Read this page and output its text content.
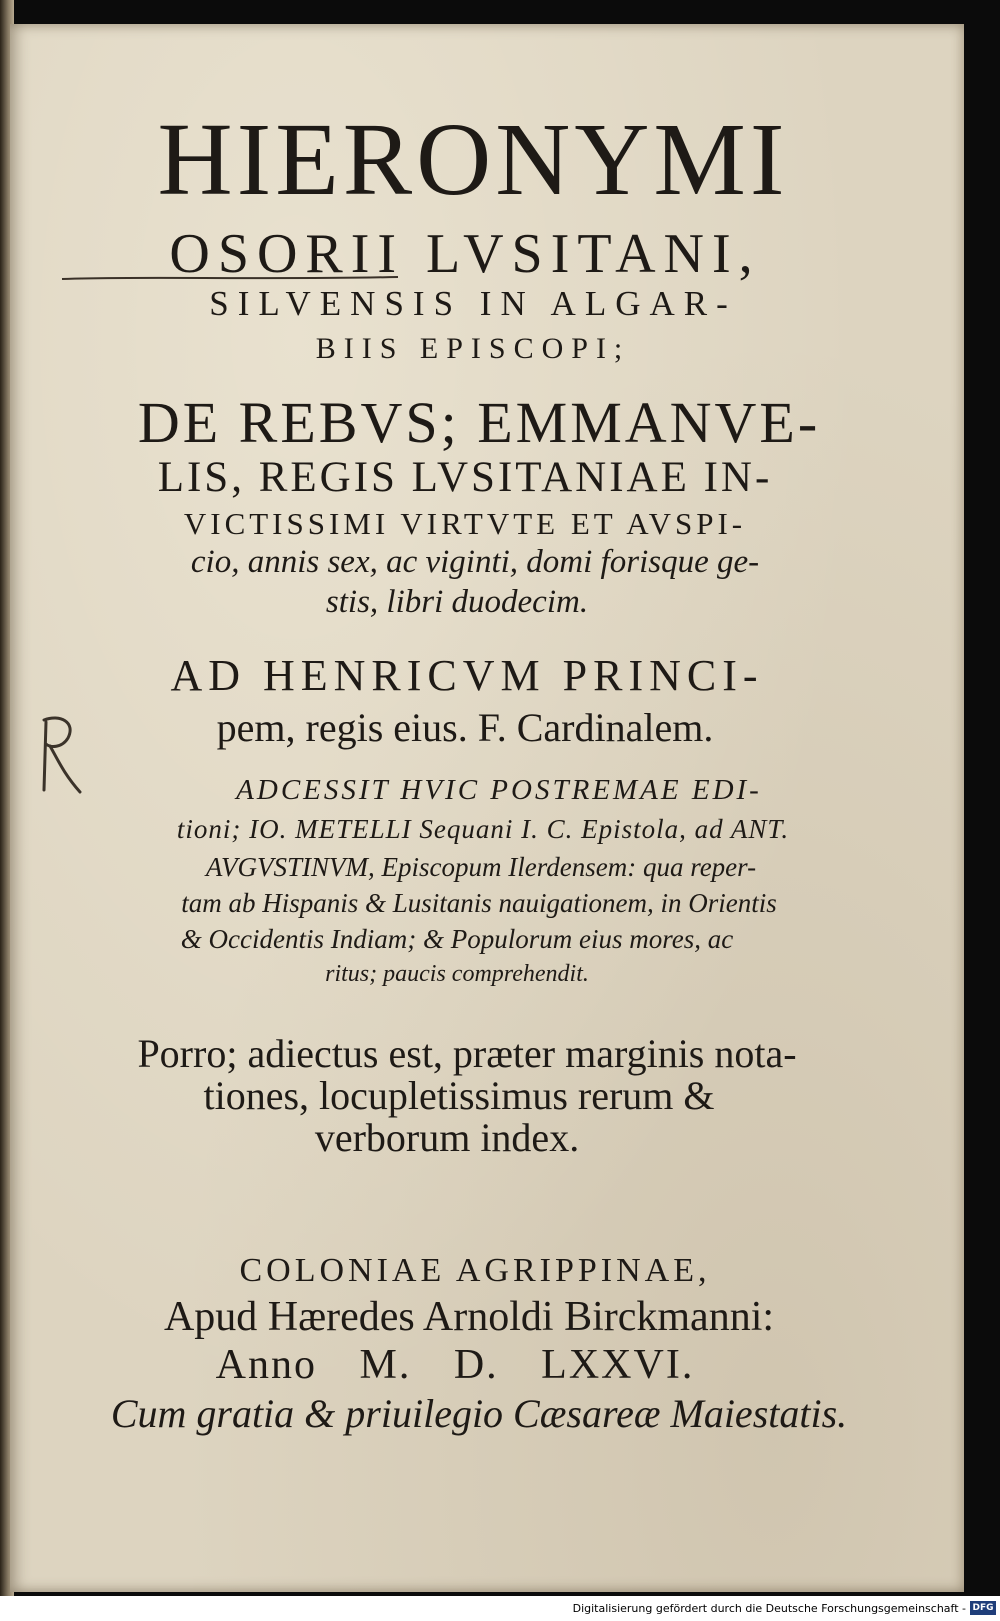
HIERONYMI
OSORII LVSITANI,
SILVENSIS IN ALGAR-
BIIS EPISCOPI;
DE REBVS; EMMANVE-
LIS, REGIS LVSITANIAE IN-
VICTISSIMI VIRTVTE ET AVSPI-
cio, annis sex, ac viginti, domi forisque ge-
stis, libri duodecim.
AD HENRICVM PRINCI-
pem, regis eius. F. Cardinalem.
ADCESSIT HVIC POSTREMAE EDI-
tioni; IO. METELLI Sequani I. C. Epistola, ad ANT.
AVGVSTINVM, Episcopum Ilerdensem: qua reper-
tam ab Hispanis & Lusitanis nauigationem, in Orientis
& Occidentis Indiam; & Populorum eius mores, ac
ritus; paucis comprehendit.
Porro; adiectus est, præter marginis nota-
tiones, locupletissimus rerum &
verborum index.
COLONIAE AGRIPPINAE,
Apud Hæredes Arnoldi Birckmanni:
Anno M. D. LXXVI.
Cum gratia & priuilegio Cæsareæ Maiestatis.
Digitalisierung gefördert durch die Deutsche Forschungsgemeinschaft - DFG
